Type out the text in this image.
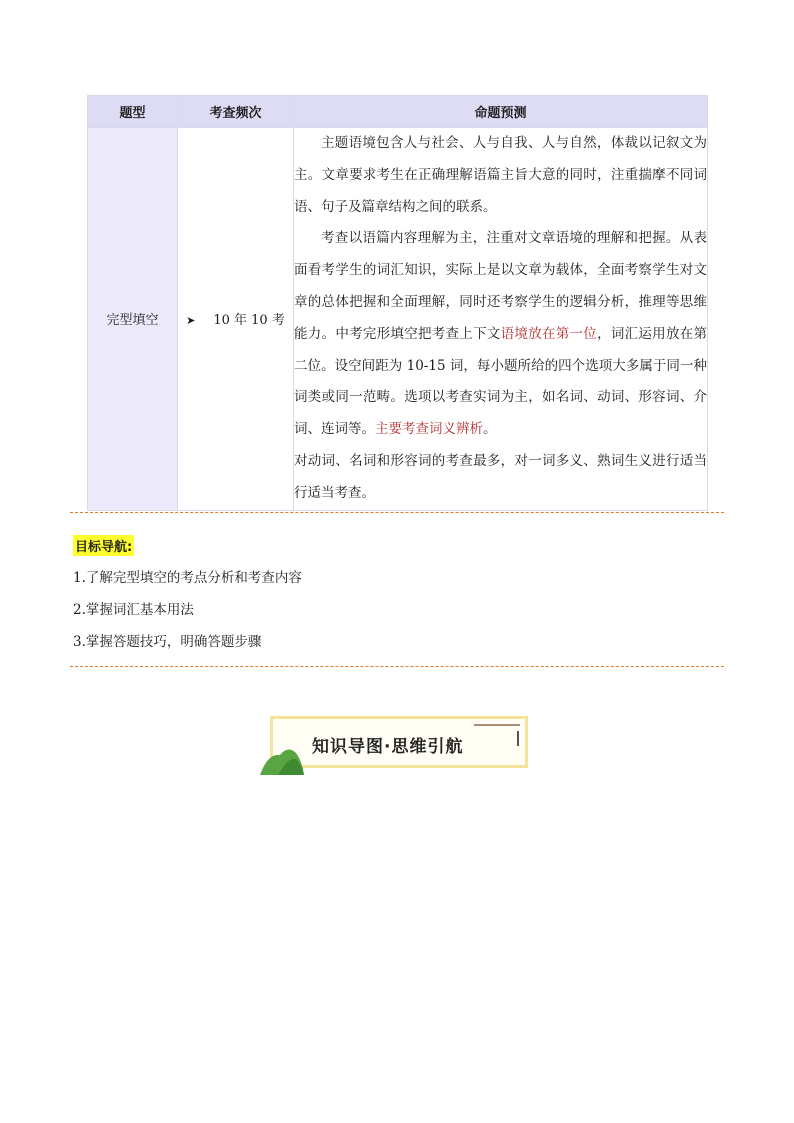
题型	考查频次	命题预测
完型填空	➤ 10 年 10 考	主题语境包含人与社会、人与自我、人与自然，体裁以记叙文为主。文章要求考生在正确理解语篇主旨大意的同时，注重揣摩不同词语、句子及篇章结构之间的联系。

考查以语篇内容理解为主，注重对文章语境的理解和把握。从表面看考学生的词汇知识，实际上是以文章为载体，全面考察学生对文章的总体把握和全面理解，同时还考察学生的逻辑分析，推理等思维能力。中考完形填空把考查上下文语境放在第一位，词汇运用放在第二位。设空间距为 10-15 词，每小题所给的四个选项大多属于同一种词类或同一范畴。选项以考查实词为主，如名词、动词、形容词、介词、连词等。主要考查词义辨析。

对动词、名词和形容词的考查最多，对一词多义、熟词生义进行适当行适当考查。

目标导航:
1.了解完型填空的考点分析和考查内容
2.掌握词汇基本用法
3.掌握答题技巧，明确答题步骤
知识导图·思维引航
